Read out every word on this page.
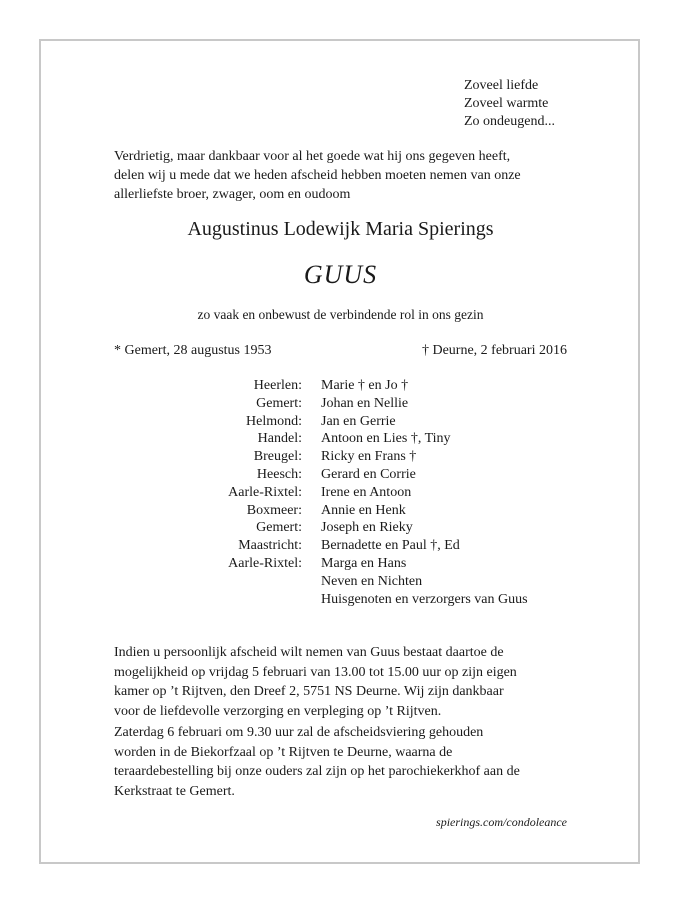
Zoveel liefde
Zoveel warmte
Zo ondeugend...
Verdrietig, maar dankbaar voor al het goede wat hij ons gegeven heeft,
delen wij u mede dat we heden afscheid hebben moeten nemen van onze
allerliefste broer, zwager, oom en oudoom
Augustinus Lodewijk Maria Spierings
GUUS
zo vaak en onbewust de verbindende rol in ons gezin
* Gemert, 28 augustus 1953	† Deurne, 2 februari 2016
Heerlen:	Marie † en Jo †
Gemert:	Johan en Nellie
Helmond:	Jan en Gerrie
Handel:	Antoon en Lies †, Tiny
Breugel:	Ricky en Frans †
Heesch:	Gerard en Corrie
Aarle-Rixtel:	Irene en Antoon
Boxmeer:	Annie en Henk
Gemert:	Joseph en Rieky
Maastricht:	Bernadette en Paul †, Ed
Aarle-Rixtel:	Marga en Hans
Neven en Nichten
Huisgenoten en verzorgers van Guus
Indien u persoonlijk afscheid wilt nemen van Guus bestaat daartoe de
mogelijkheid op vrijdag 5 februari van 13.00 tot 15.00 uur op zijn eigen
kamer op ’t Rijtven, den Dreef 2, 5751 NS Deurne. Wij zijn dankbaar
voor de liefdevolle verzorging en verpleging op ’t Rijtven.
Zaterdag 6 februari om 9.30 uur zal de afscheidsviering gehouden
worden in de Biekorfzaal op ’t Rijtven te Deurne, waarna de
teraardebestelling bij onze ouders zal zijn op het parochiekerkhof aan de
Kerkstraat te Gemert.
spierings.com/condoleance
